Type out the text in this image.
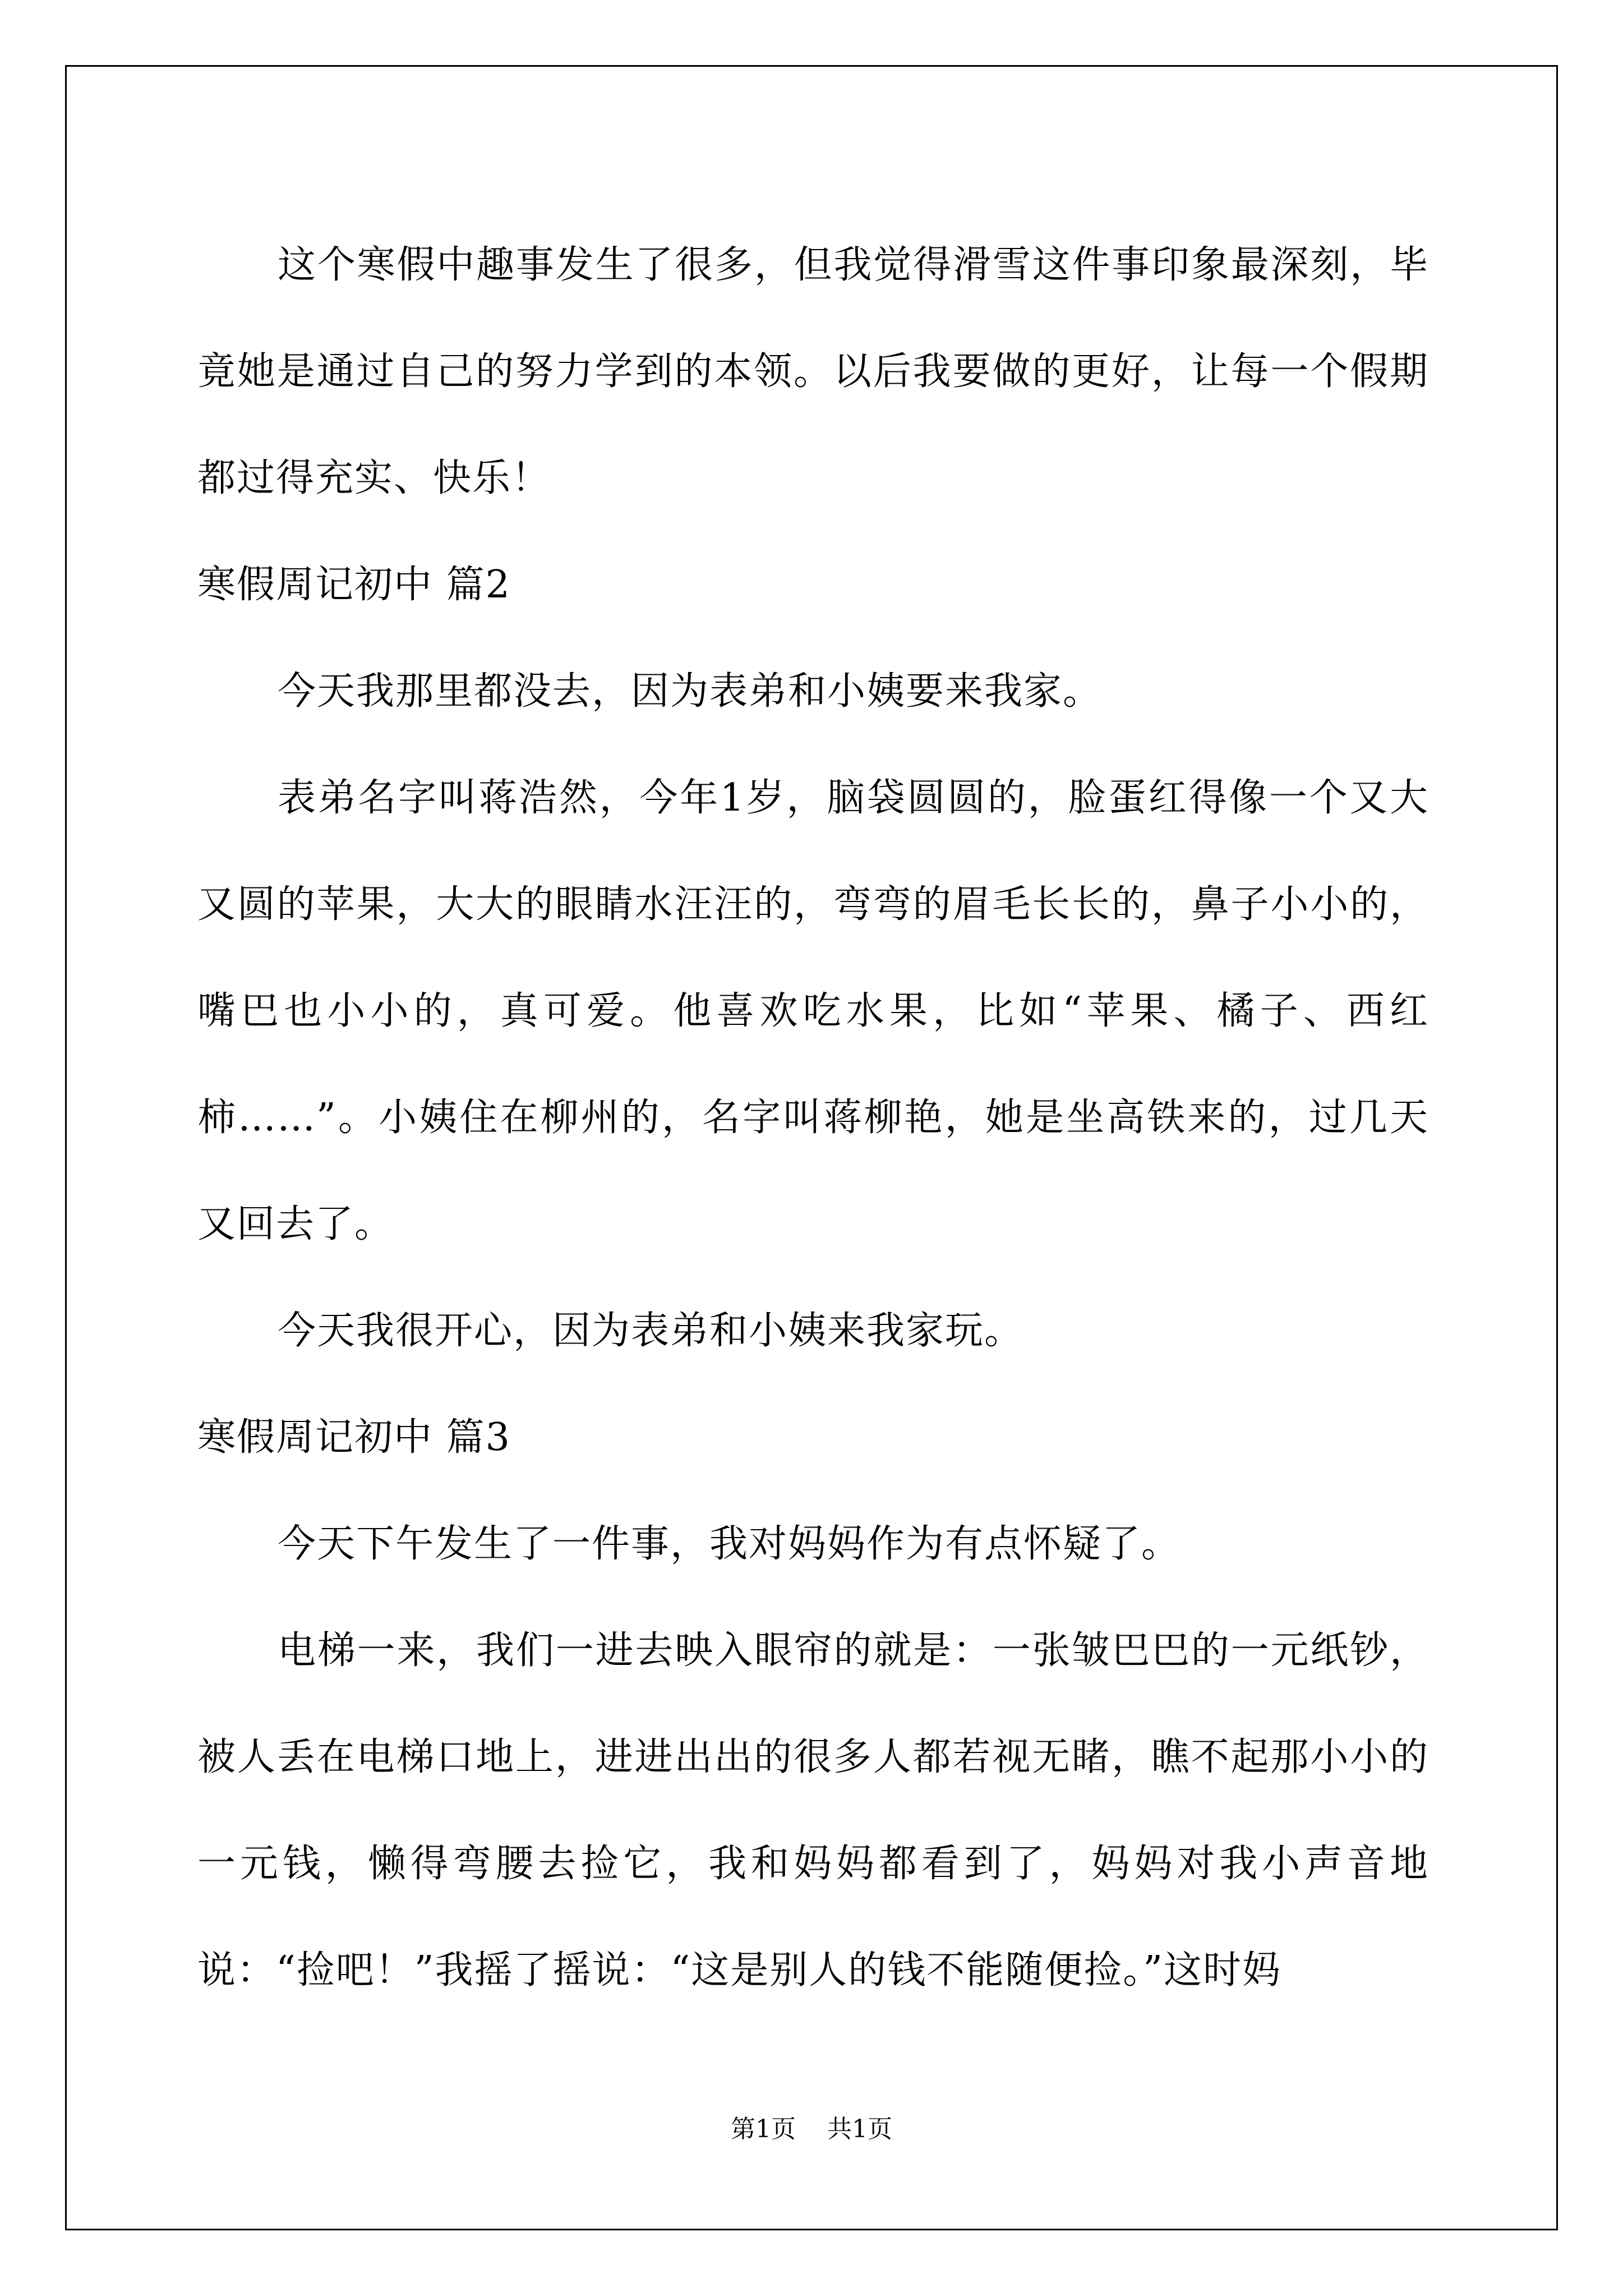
这个寒假中趣事发生了很多，但我觉得滑雪这件事印象最深刻，毕竟她是通过自己的努力学到的本领。以后我要做的更好，让每一个假期都过得充实、快乐！

寒假周记初中 篇2

今天我那里都没去，因为表弟和小姨要来我家。

表弟名字叫蒋浩然，今年1岁，脑袋圆圆的，脸蛋红得像一个又大又圆的苹果，大大的眼睛水汪汪的，弯弯的眉毛长长的，鼻子小小的，嘴巴也小小的，真可爱。他喜欢吃水果，比如“苹果、橘子、西红柿……”。小姨住在柳州的，名字叫蒋柳艳，她是坐高铁来的，过几天又回去了。

今天我很开心，因为表弟和小姨来我家玩。

寒假周记初中 篇3

今天下午发生了一件事，我对妈妈作为有点怀疑了。

电梯一来，我们一进去映入眼帘的就是：一张皱巴巴的一元纸钞，被人丢在电梯口地上，进进出出的很多人都若视无睹，瞧不起那小小的一元钱，懒得弯腰去捡它，我和妈妈都看到了，妈妈对我小声音地说：“捡吧！”我摇了摇说：“这是别人的钱不能随便捡。”这时妈

第1页 共1页
